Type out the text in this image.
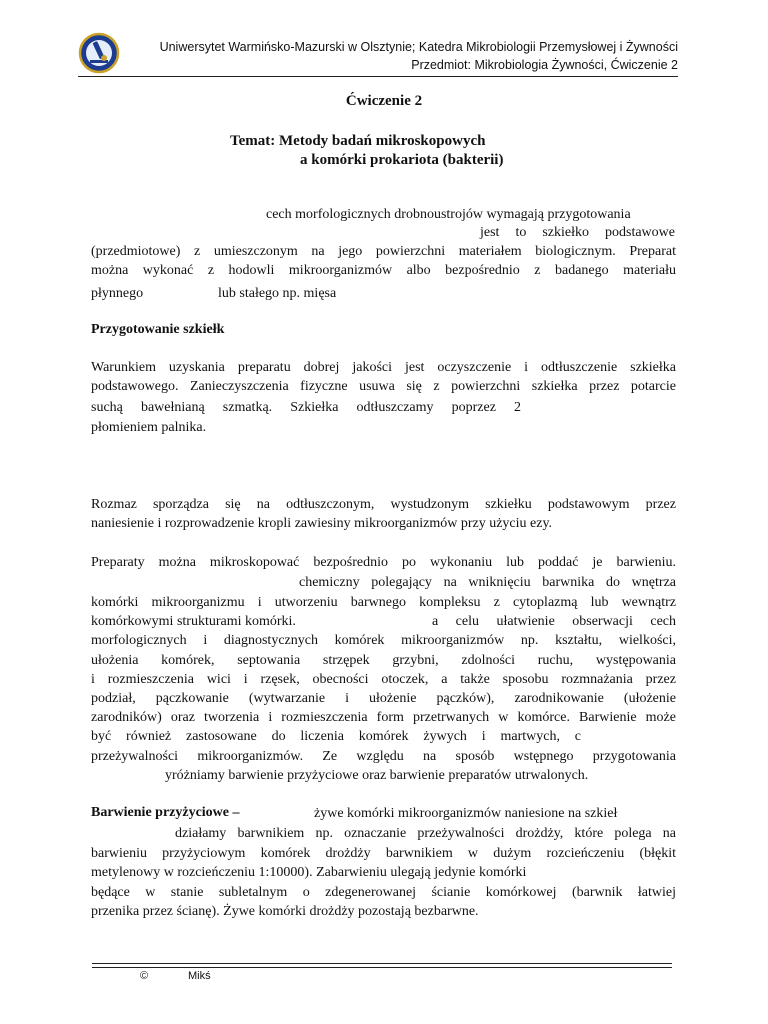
Uniwersytet Warmińsko-Mazurski w Olsztynie; Katedra Mikrobiologii Przemysłowej i Żywności
Przedmiot: Mikrobiologia Żywności, Ćwiczenie 2
Ćwiczenie 2
Temat: Metody badań mikroskopowych
a komórki prokariota (bakterii)
cech morfologicznych drobnoustrojów wymagają przygotowania
jest to szkiełko podstawowe
(przedmiotowe) z umieszczonym na jego powierzchni materiałem biologicznym. Preparat
można wykonać z hodowli mikroorganizmów albo bezpośrednio z badanego materiału
płynnego	lub stałego np. mięsa
Przygotowanie szkiełk
Warunkiem uzyskania preparatu dobrej jakości jest oczyszczenie i odtłuszczenie szkiełka
podstawowego. Zanieczyszczenia fizyczne usuwa się z powierzchni szkiełka przez potarcie
suchą bawełnianą szmatką. Szkiełka odtłuszczamy poprzez 2
płomieniem palnika.
Rozmaz sporządza się na odtłuszczonym, wystudzonym szkiełku podstawowym przez
naniesienie i rozprowadzenie kropli zawiesiny mikroorganizmów przy użyciu ezy.
Preparaty można mikroskopować bezpośrednio po wykonaniu lub poddać je barwieniu.
chemiczny polegający na wniknięciu barwnika do wnętrza
komórki mikroorganizmu i utworzeniu barwnego kompleksu z cytoplazmą lub wewnątrz
komórkowymi strukturami komórki.	a celu ułatwienie obserwacji cech
morfologicznych i diagnostycznych komórek mikroorganizmów np. kształtu, wielkości,
ułożenia komórek, septowania strzępek grzybni, zdolności ruchu, występowania
i rozmieszczenia wici i rzęsek, obecności otoczek, a także sposobu rozmnażania przez
podział, pączkowanie (wytwarzanie i ułożenie pączków), zarodnikowanie (ułożenie
zarodników) oraz tworzenia i rozmieszczenia form przetrwanych w komórce. Barwienie może
być również zastosowane do liczenia komórek żywych i martwych, c
przeżywalności mikroorganizmów. Ze względu na sposób wstępnego przygotowania
yróżniamy barwienie przyżyciowe oraz barwienie preparatów utrwalonych.
Barwienie przyżyciowe –	żywe komórki mikroorganizmów naniesione na szkieł
działamy barwnikiem np. oznaczanie przeżywalności drożdży, które polega na
barwieniu przyżyciowym komórek drożdży barwnikiem w dużym rozcieńczeniu (błękit
metylenowy w rozcieńczeniu 1:10000). Zabarwieniu ulegają jedynie komórki
będące w stanie subletalnym o zdegenerowanej ścianie komórkowej (barwnik łatwiej
przenika przez ścianę). Żywe komórki drożdży pozostają bezbarwne.
©	Mikś
